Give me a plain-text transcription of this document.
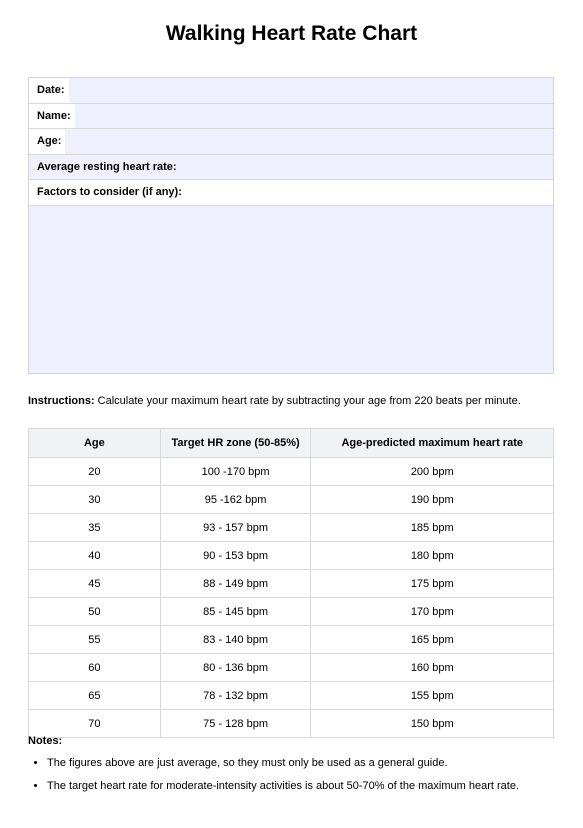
Walking Heart Rate Chart
Date:
Name:
Age:
Average resting heart rate:
Factors to consider (if any):
Instructions: Calculate your maximum heart rate by subtracting your age from 220 beats per minute.
Age	Target HR zone (50-85%)	Age-predicted maximum heart rate
20	100 -170 bpm	200 bpm
30	95 -162 bpm	190 bpm
35	93 - 157 bpm	185 bpm
40	90 - 153 bpm	180 bpm
45	88 - 149 bpm	175 bpm
50	85 - 145 bpm	170 bpm
55	83 - 140 bpm	165 bpm
60	80 - 136 bpm	160 bpm
65	78 - 132 bpm	155 bpm
70	75 - 128 bpm	150 bpm
Notes:
• The figures above are just average, so they must only be used as a general guide.
• The target heart rate for moderate-intensity activities is about 50-70% of the maximum heart rate.
